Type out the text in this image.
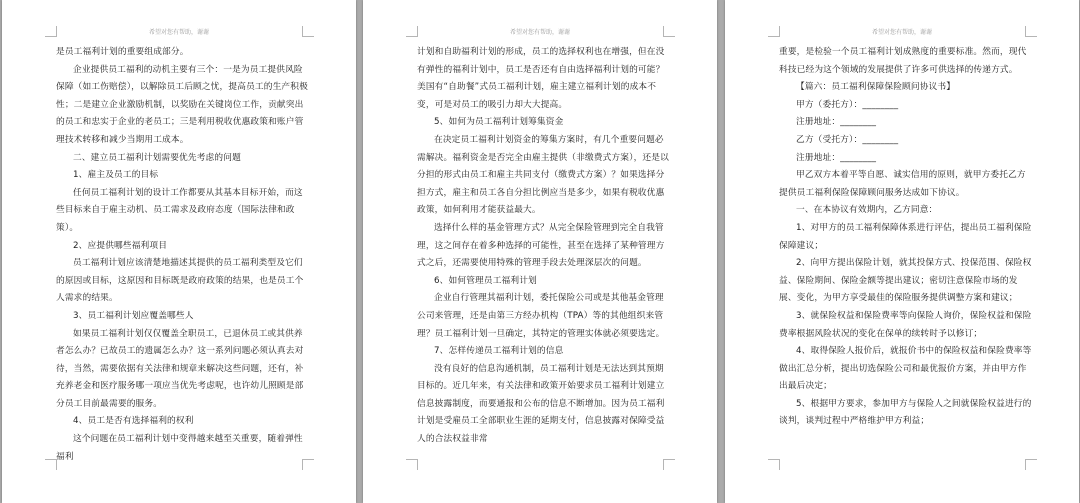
希望对您有帮助，谢谢

是员工福利计划的重要组成部分。

企业提供员工福利的动机主要有三个：一是为员工提供风险保障（如工伤赔偿），以解除员工后顾之忧，提高员工的生产积极性；二是建立企业激励机制，以奖励在关键岗位工作，贡献突出的员工和忠实于企业的老员工；三是利用税收优惠政策和账户管理技术转移和减少当期用工成本。

二、建立员工福利计划需要优先考虑的问题

1、雇主及员工的目标

任何员工福利计划的设计工作都要从其基本目标开始，而这些目标来自于雇主动机、员工需求及政府态度（国际法律和政策）。

2、应提供哪些福利项目

员工福利计划应该清楚地描述其提供的员工福利类型及它们的原因或目标，这原因和目标既是政府政策的结果，也是员工个人需求的结果。

3、员工福利计划应覆盖哪些人

如果员工福利计划仅仅覆盖全职员工，已退休员工或其供养者怎么办？已故员工的遗属怎么办？这一系列问题必须认真去对待，当然，需要依据有关法律和规章来解决这些问题，还有，补充养老金和医疗服务哪一项应当优先考虑呢，也许幼儿照顾是部分员工目前最需要的服务。

4、员工是否有选择福利的权利

这个问题在员工福利计划中变得越来越至关重要，随着弹性福利

希望对您有帮助，谢谢

计划和自助福利计划的形成，员工的选择权利也在增强，但在没有弹性的福利计划中，员工是否还有自由选择福利计划的可能？美国有“自助餐”式员工福利计划，雇主建立福利计划的成本不变，可是对员工的吸引力却大大提高。

5、如何为员工福利计划筹集资金

在决定员工福利计划资金的筹集方案时，有几个重要问题必需解决。福利资金是否完全由雇主提供（非缴费式方案），还是以分担的形式由员工和雇主共同支付（缴费式方案）？如果选择分担方式，雇主和员工各自分担比例应当是多少，如果有税收优惠政策，如何利用才能获益最大。

选择什么样的基金管理方式？从完全保险管理到完全自我管理，这之间存在着多种选择的可能性，甚至在选择了某种管理方式之后，还需要使用特殊的管理手段去处理深层次的问题。

6、如何管理员工福利计划

企业自行管理其福利计划，委托保险公司或是其他基金管理公司来管理，还是由第三方经办机构（TPA）等的其他组织来管理？员工福利计划一旦确定，其特定的管理实体就必须要选定。

7、怎样传递员工福利计划的信息

没有良好的信息沟通机制，员工福利计划是无法达到其预期目标的。近几年来，有关法律和政策开始要求员工福利计划建立信息披露制度，而要通报和公布的信息不断增加。因为员工福利计划是受雇员工全部职业生涯的延期支付，信息披露对保障受益人的合法权益非常

希望对您有帮助，谢谢

重要，是检验一个员工福利计划成熟度的重要标准。然而，现代科技已经为这个领域的发展提供了许多可供选择的传递方式。

【篇六：员工福利保障保险顾问协议书】

甲方（委托方）：________

注册地址：________

乙方（受托方）：________

注册地址：________

甲乙双方本着平等自愿、诚实信用的原则，就甲方委托乙方提供员工福利保险保障顾问服务达成如下协议。

一、在本协议有效期内，乙方同意：

1、对甲方的员工福利保障体系进行评估，提出员工福利保险保障建议；

2、向甲方提出保险计划，就其投保方式、投保范围、保险权益、保险期间、保险金额等提出建议；密切注意保险市场的发展、变化，为甲方享受最佳的保险服务提供调整方案和建议；

3、就保险权益和保险费率等向保险人询价，保险权益和保险费率根据风险状况的变化在保单的续转时予以修订；

4、取得保险人报价后，就报价书中的保险权益和保险费率等做出汇总分析，提出切选保险公司和最优报价方案，并由甲方作出最后决定；

5、根据甲方要求，参加甲方与保险人之间就保险权益进行的谈判，谈判过程中严格维护甲方利益；
